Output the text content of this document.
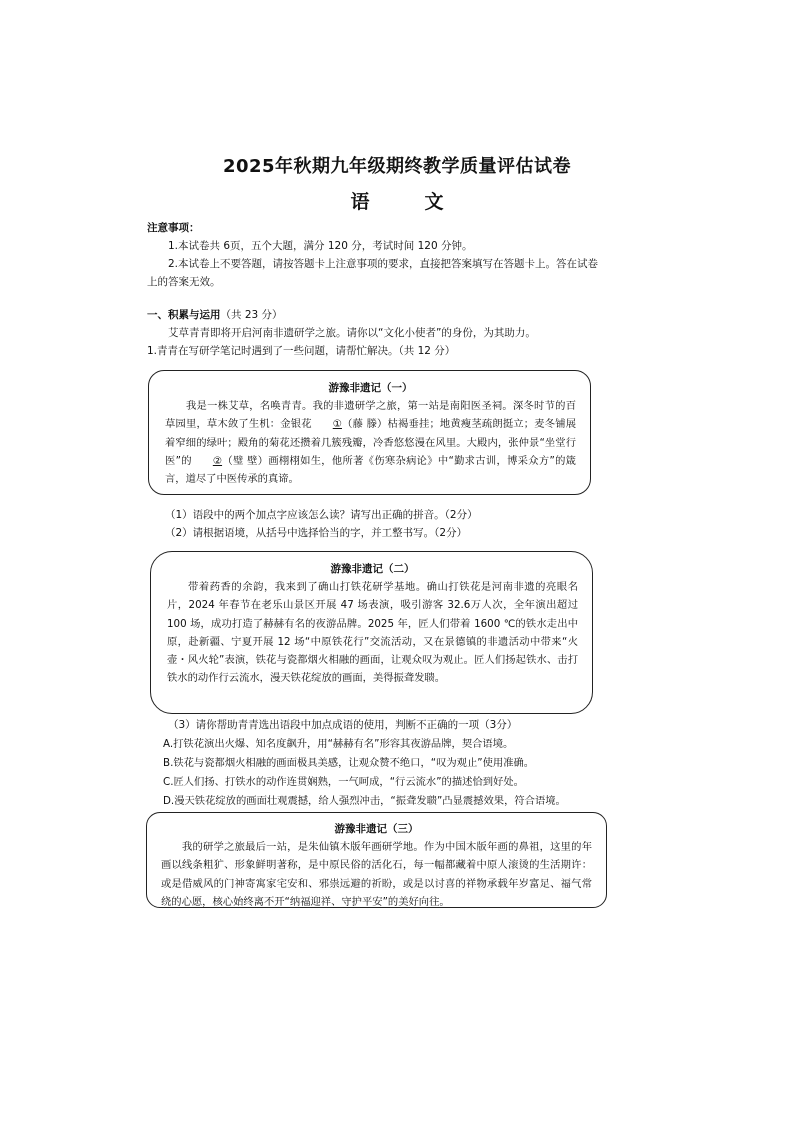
2025年秋期九年级期终教学质量评估试卷
语　文
注意事项：
1.本试卷共 6页，五个大题，满分 120 分，考试时间 120 分钟。
2.本试卷上不要答题，请按答题卡上注意事项的要求，直接把答案填写在答题卡上。答在试卷上的答案无效。
一、积累与运用（共 23 分）
艾草青青即将开启河南非遗研学之旅。请你以“文化小使者”的身份，为其助力。
1.青青在写研学笔记时遇到了一些问题，请帮忙解决。（共 12 分）
游豫非遗记（一）
我是一株艾草，名唤青青。我的非遗研学之旅，第一站是南阳医圣祠。深冬时节的百草园里，草木敛了生机：金银花 ①（藤 滕）枯褐垂挂；地黄瘦茎疏朗挺立；麦冬铺展着窄细的绿叶；殿角的菊花还攒着几簇残瓣，冷香悠悠漫在风里。大殿内，张仲景“坐堂行医”的 ②（璧 壁）画栩栩如生，他所著《伤寒杂病论》中“勤求古训，博采众方”的箴言，道尽了中医传承的真谛。
（1）语段中的两个加点字应该怎么读？请写出正确的拼音。（2分）
（2）请根据语境，从括号中选择恰当的字，并工整书写。（2分）
游豫非遗记（二）
带着药香的余韵，我来到了确山打铁花研学基地。确山打铁花是河南非遗的亮眼名片，2024 年春节在老乐山景区开展 47 场表演，吸引游客 32.6万人次，全年演出超过 100 场，成功打造了赫赫有名的夜游品牌。2025 年，匠人们带着 1600 ℃的铁水走出中原，赴新疆、宁夏开展 12 场“中原铁花行”交流活动，又在景德镇的非遗活动中带来“火壶・风火轮”表演，铁花与瓷都烟火相融的画面，让观众叹为观止。匠人们扬起铁水、击打铁水的动作行云流水，漫天铁花绽放的画面，美得振聋发聩。
（3）请你帮助青青选出语段中加点成语的使用，判断不正确的一项（3分）
A.打铁花演出火爆、知名度飙升，用“赫赫有名”形容其夜游品牌，契合语境。
B.铁花与瓷都烟火相融的画面极具美感，让观众赞不绝口，“叹为观止”使用准确。
C.匠人们扬、打铁水的动作连贯娴熟，一气呵成，“行云流水”的描述恰到好处。
D.漫天铁花绽放的画面壮观震撼，给人强烈冲击，“振聋发聩”凸显震撼效果，符合语境。
游豫非遗记（三）
我的研学之旅最后一站，是朱仙镇木版年画研学地。作为中国木版年画的鼻祖，这里的年画以线条粗犷、形象鲜明著称，是中原民俗的活化石，每一幅都藏着中原人滚烫的生活期许：或是借威风的门神寄寓家宅安和、邪祟远避的祈盼，或是以讨喜的祥物承载年岁富足、福气常绕的心愿，核心始终离不开“纳福迎祥、守护平安”的美好向往。
